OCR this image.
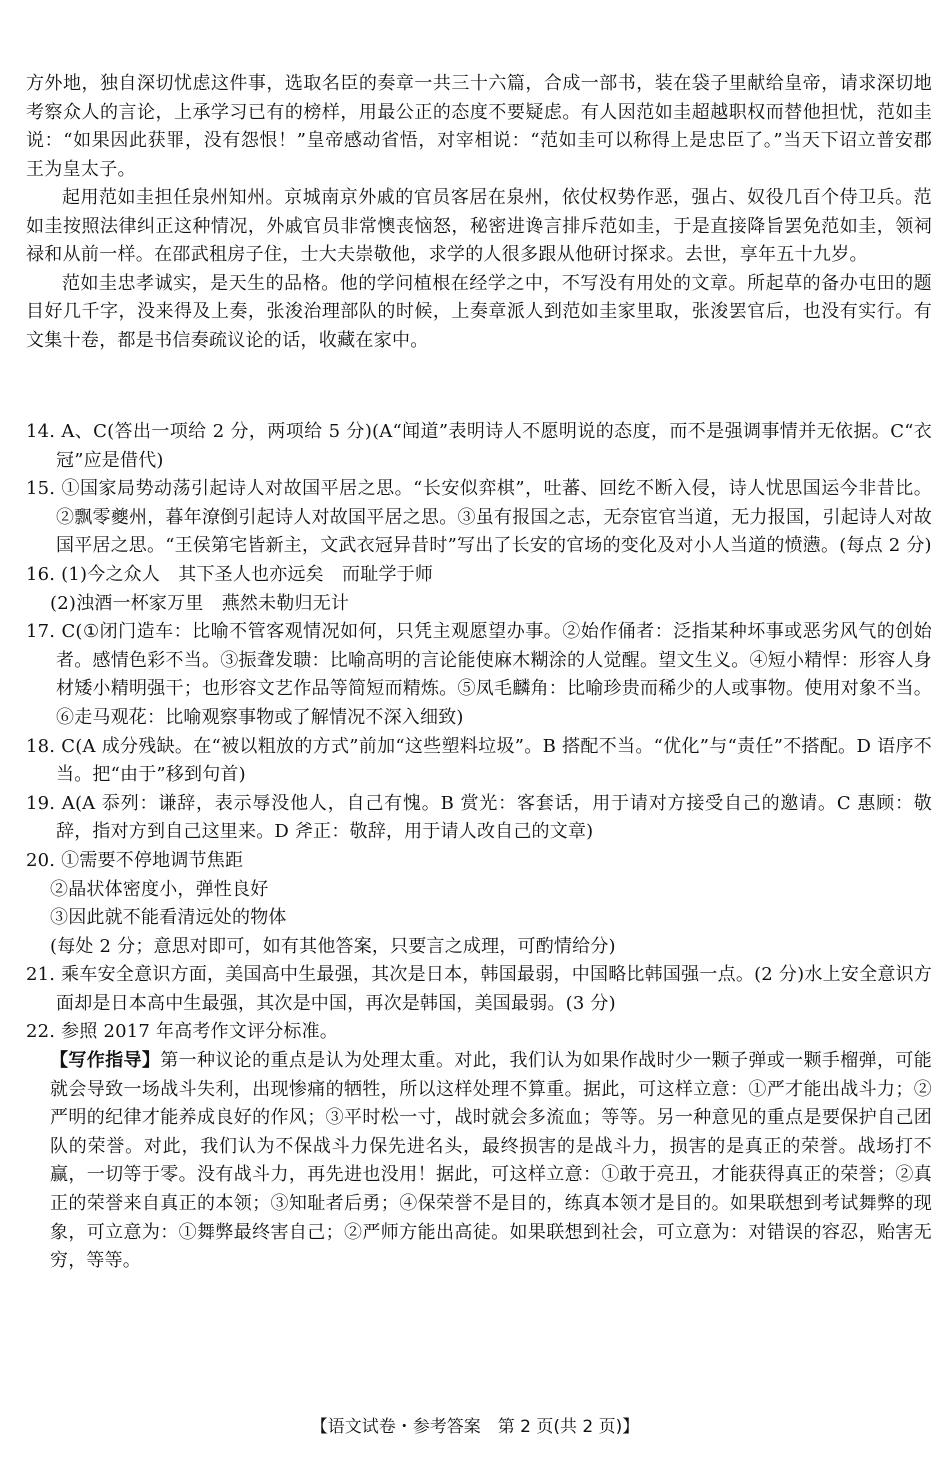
方外地，独自深切忧虑这件事，选取名臣的奏章一共三十六篇，合成一部书，装在袋子里献给皇帝，请求深切地考察众人的言论，上承学习已有的榜样，用最公正的态度不要疑虑。有人因范如圭超越职权而替他担忧，范如圭说：“如果因此获罪，没有怨恨！”皇帝感动省悟，对宰相说：“范如圭可以称得上是忠臣了。”当天下诏立普安郡王为皇太子。

起用范如圭担任泉州知州。京城南京外戚的官员客居在泉州，依仗权势作恶，强占、奴役几百个侍卫兵。范如圭按照法律纠正这种情况，外戚官员非常懊丧恼怒，秘密进谗言排斥范如圭，于是直接降旨罢免范如圭，领祠禄和从前一样。在邵武租房子住，士大夫崇敬他，求学的人很多跟从他研讨探求。去世，享年五十九岁。

范如圭忠孝诚实，是天生的品格。他的学问植根在经学之中，不写没有用处的文章。所起草的备办屯田的题目好几千字，没来得及上奏，张浚治理部队的时候，上奏章派人到范如圭家里取，张浚罢官后，也没有实行。有文集十卷，都是书信奏疏议论的话，收藏在家中。

14. A、C(答出一项给 2 分，两项给 5 分)(A“闻道”表明诗人不愿明说的态度，而不是强调事情并无依据。C“衣冠”应是借代)

15. ①国家局势动荡引起诗人对故国平居之思。“长安似弈棋”，吐蕃、回纥不断入侵，诗人忧思国运今非昔比。②飘零夔州，暮年潦倒引起诗人对故国平居之思。③虽有报国之志，无奈宦官当道，无力报国，引起诗人对故国平居之思。“王侯第宅皆新主，文武衣冠异昔时”写出了长安的官场的变化及对小人当道的愤懑。(每点 2 分)

16. (1)今之众人　其下圣人也亦远矣　而耻学于师

(2)浊酒一杯家万里　燕然未勒归无计

17. C(①闭门造车：比喻不管客观情况如何，只凭主观愿望办事。②始作俑者：泛指某种坏事或恶劣风气的创始者。感情色彩不当。③振聋发聩：比喻高明的言论能使麻木糊涂的人觉醒。望文生义。④短小精悍：形容人身材矮小精明强干；也形容文艺作品等简短而精炼。⑤凤毛麟角：比喻珍贵而稀少的人或事物。使用对象不当。⑥走马观花：比喻观察事物或了解情况不深入细致)

18. C(A 成分残缺。在“被以粗放的方式”前加“这些塑料垃圾”。B 搭配不当。“优化”与“责任”不搭配。D 语序不当。把“由于”移到句首)

19. A(A 忝列：谦辞，表示辱没他人，自己有愧。B 赏光：客套话，用于请对方接受自己的邀请。C 惠顾：敬辞，指对方到自己这里来。D 斧正：敬辞，用于请人改自己的文章)

20. ①需要不停地调节焦距

②晶状体密度小，弹性良好

③因此就不能看清远处的物体

(每处 2 分；意思对即可，如有其他答案，只要言之成理，可酌情给分)

21. 乘车安全意识方面，美国高中生最强，其次是日本，韩国最弱，中国略比韩国强一点。(2 分)水上安全意识方面却是日本高中生最强，其次是中国，再次是韩国，美国最弱。(3 分)

22. 参照 2017 年高考作文评分标准。

【写作指导】第一种议论的重点是认为处理太重。对此，我们认为如果作战时少一颗子弹或一颗手榴弹，可能就会导致一场战斗失利，出现惨痛的牺牲，所以这样处理不算重。据此，可这样立意：①严才能出战斗力；②严明的纪律才能养成良好的作风；③平时松一寸，战时就会多流血；等等。另一种意见的重点是要保护自己团队的荣誉。对此，我们认为不保战斗力保先进名头，最终损害的是战斗力，损害的是真正的荣誉。战场打不赢，一切等于零。没有战斗力，再先进也没用！据此，可这样立意：①敢于亮丑，才能获得真正的荣誉；②真正的荣誉来自真正的本领；③知耻者后勇；④保荣誉不是目的，练真本领才是目的。如果联想到考试舞弊的现象，可立意为：①舞弊最终害自己；②严师方能出高徒。如果联想到社会，可立意为：对错误的容忍，贻害无穷，等等。

【语文试卷・参考答案　第 2 页(共 2 页)】
